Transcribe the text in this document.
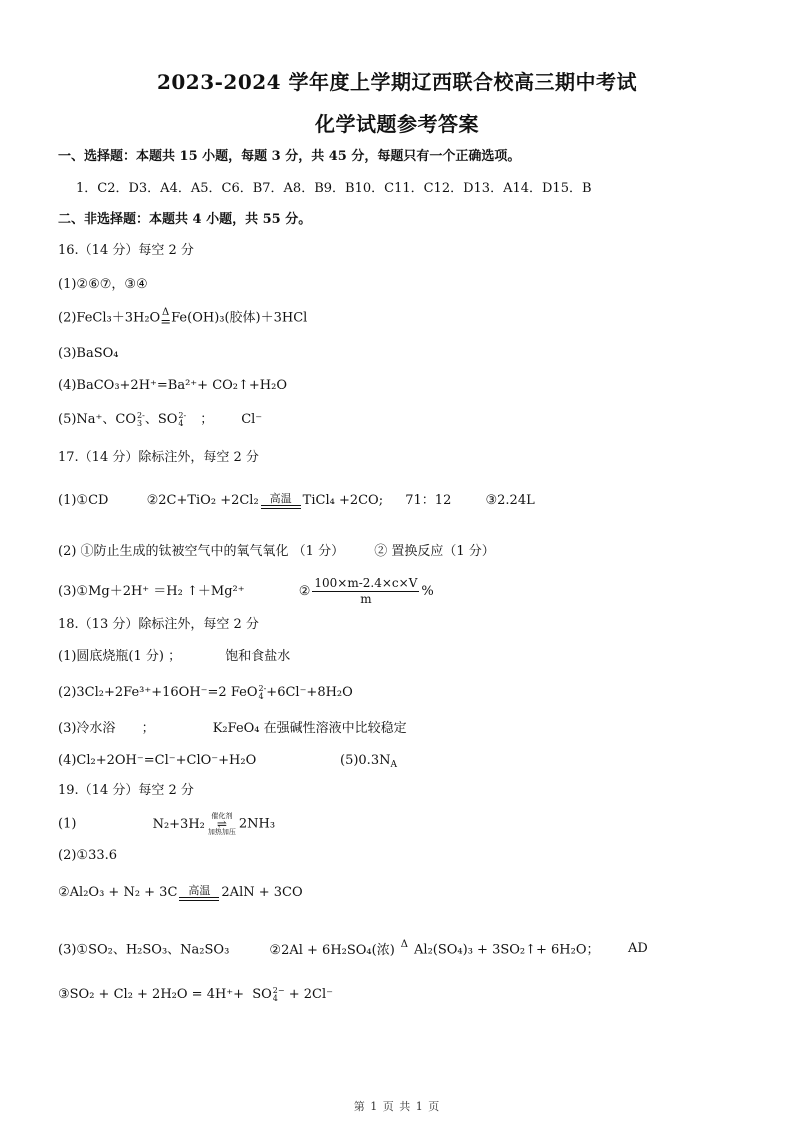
2023-2024 学年度上学期辽西联合校高三期中考试
化学试题参考答案
一、选择题：本题共 15 小题，每题 3 分，共 45 分，每题只有一个正确选项。
1．C2．D3．A4．A5．C6．B7．A8．B9．B10．C11．C12．D13．A14．D15．B
二、非选择题：本题共 4 小题，共 55 分。
16.（14 分）每空 2 分
(1)②⑥⑦，③④
(2)FeCl₃＋3H₂O Δ
= Fe(OH)₃(胶体)＋3HCl
(3)BaSO₄
(4)BaCO₃+2H⁺=Ba²⁺+ CO₂↑+H₂O
(5)Na⁺、CO 2-
3 、SO 2-
4 ； Cl⁻
17.（14 分）除标注外，每空 2 分
(1)①CD	②2C+TiO₂ +2Cl₂	高温 TiCl₄ +2CO; 71：12	③2.24L
(2) ①防止生成的钛被空气中的氧气氧化 （1 分） ② 置换反应（1 分）
(3)①Mg＋2H⁺ ＝H₂ ↑＋Mg²⁺	② $\frac{100\times m-2.4\times c\times V}{m}$ %
18.（13 分）除标注外，每空 2 分
(1)圆底烧瓶(1 分) ；	饱和食盐水
(2)3Cl₂+2Fe³⁺+16OH⁻=2 FeO 2-
4 +6Cl⁻+8H₂O
(3)冷水浴 ；	K₂FeO₄ 在强碱性溶液中比较稳定
(4)Cl₂+2OH⁻=Cl⁻+ClO⁻+H₂O	$(5)0.3N_A$
19.（14 分）每空 2 分
(1)	N₂+3H₂
催化剂
⇌
加热加压
2NH₃
(2)①33.6
②Al₂O₃ + N₂ + 3C	高温 2AlN + 3CO
(3)①SO₂、H₂SO₃、Na₂SO₃	②2Al + 6H₂SO₄(浓) Δ
Al₂(SO₄)₃ + 3SO₂↑+ 6H₂O； AD
③SO₂ + Cl₂ + 2H₂O = 4H⁺+ SO 2−
4 + 2Cl⁻
第 1 页 共 1 页
